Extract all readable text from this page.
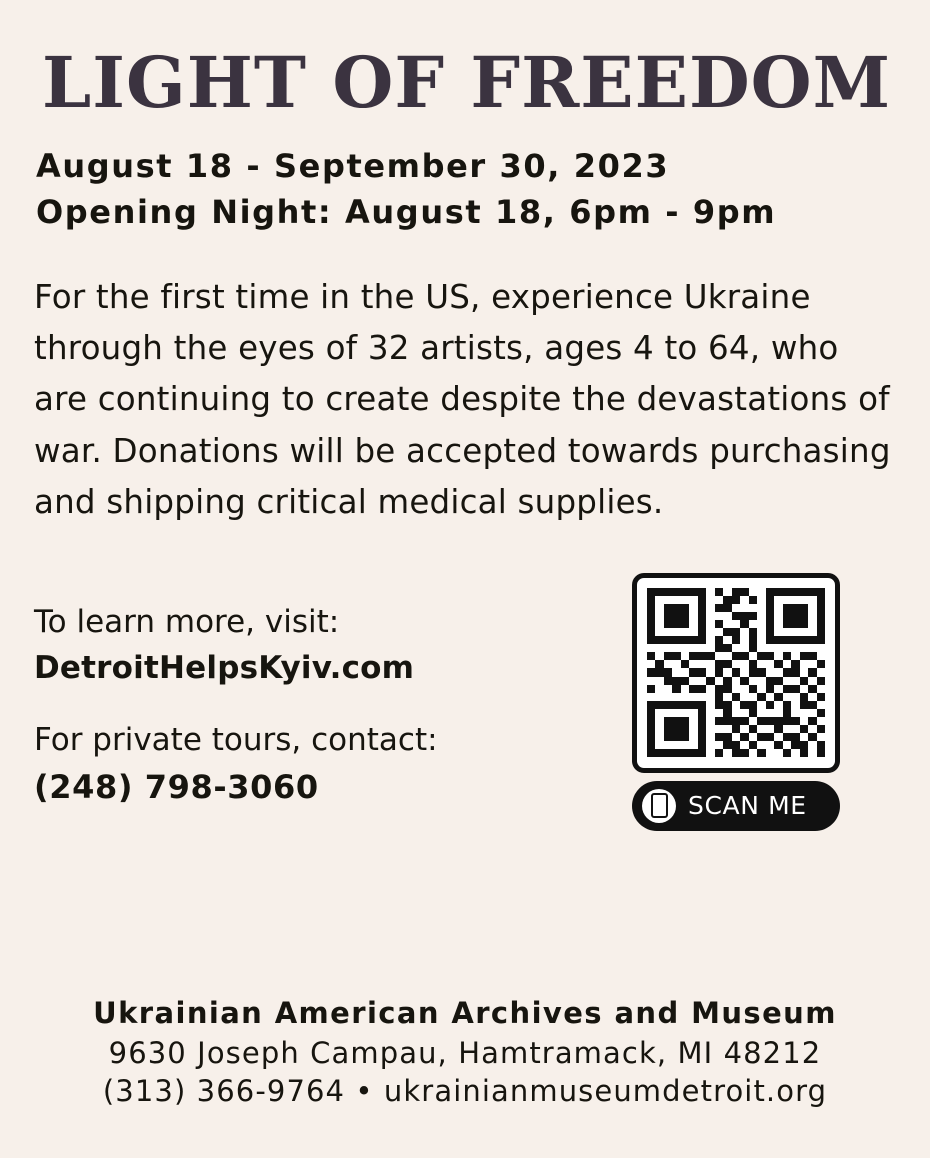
LIGHT OF FREEDOM
August 18 - September 30, 2023
Opening Night: August 18, 6pm - 9pm

For the first time in the US, experience Ukraine through the eyes of 32 artists, ages 4 to 64, who are continuing to create despite the devastations of war. Donations will be accepted towards purchasing and shipping critical medical supplies.

To learn more, visit:
DetroitHelpsKyiv.com
For private tours, contact:
(248) 798-3060	SCAN ME
Ukrainian American Archives and Museum
9630 Joseph Campau, Hamtramack, MI 48212
(313) 366-9764 • ukrainianmuseumdetroit.org
